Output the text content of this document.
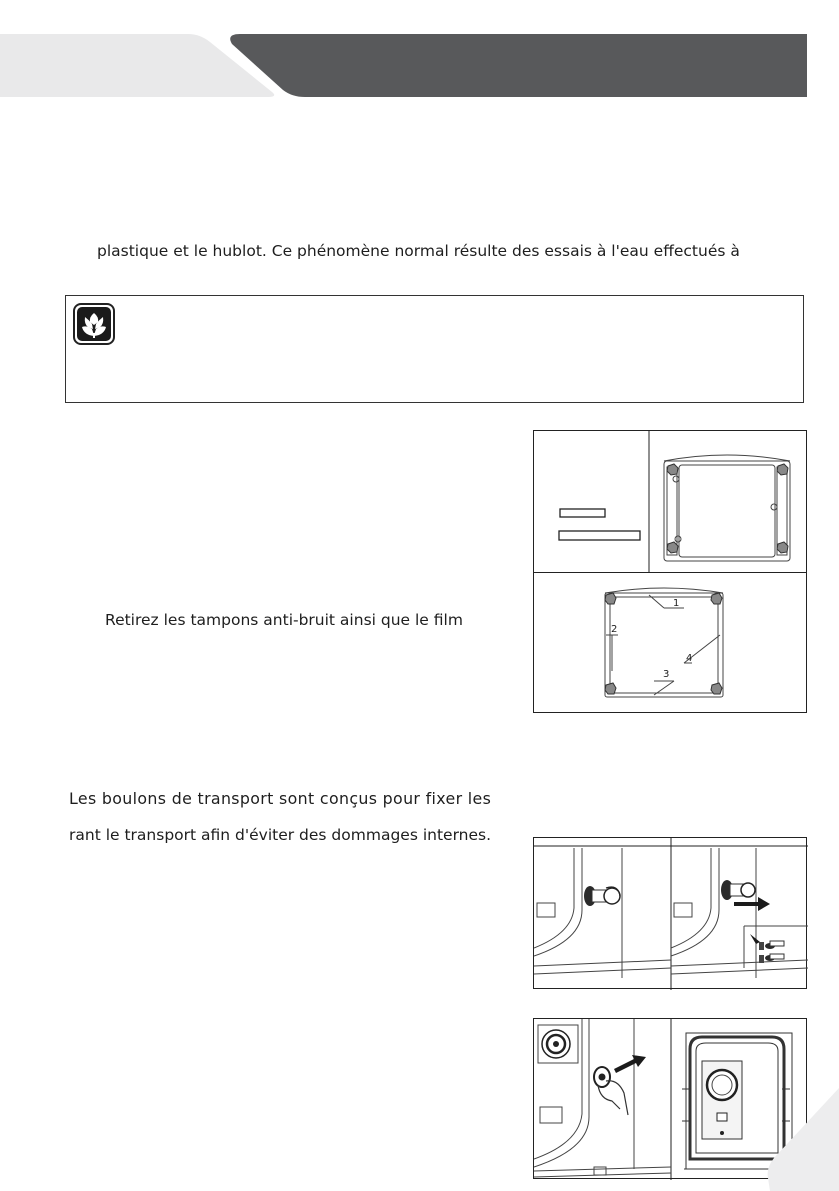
plastique et le hublot. Ce phénomène normal résulte des essais à l'eau effectués à
Retirez les tampons anti-bruit ainsi que le film
1
2
3
4
Les boulons de transport sont conçus pour fixer les
rant le transport afin d'éviter des dommages internes.
